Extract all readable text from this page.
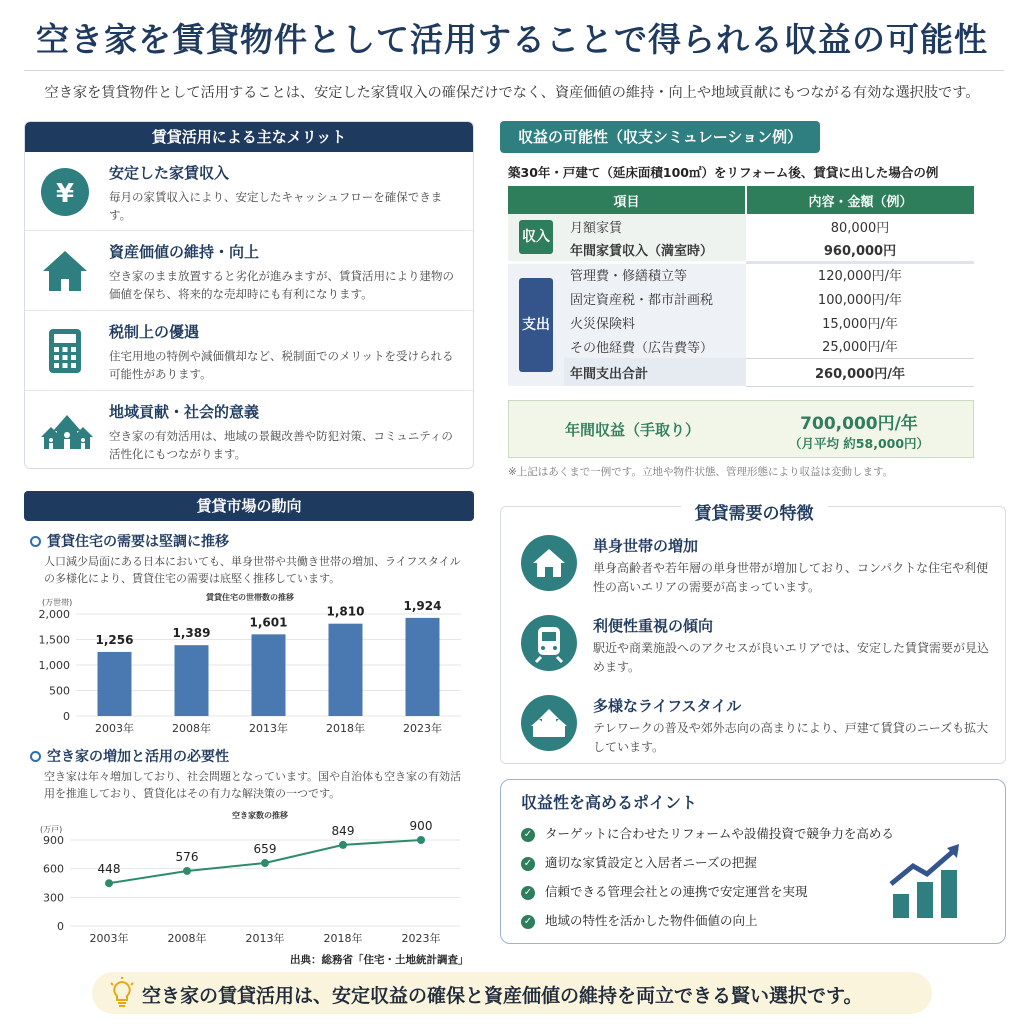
空き家を賃貸物件として活用することで得られる収益の可能性
空き家を賃貸物件として活用することは、安定した家賃収入の確保だけでなく、資産価値の維持・向上や地域貢献にもつながる有効な選択肢です。
賃貸活用による主なメリット
¥
安定した家賃収入
毎月の家賃収入により、安定したキャッシュフローを確保できます。
資産価値の維持・向上
空き家のまま放置すると劣化が進みますが、賃貸活用により建物の価値を保ち、将来的な売却時にも有利になります。
税制上の優遇
住宅用地の特例や減価償却など、税制面でのメリットを受けられる可能性があります。
地域貢献・社会的意義
空き家の有効活用は、地域の景観改善や防犯対策、コミュニティの活性化にもつながります。
収益の可能性（収支シミュレーション例）
築30年・戸建て（延床面積100㎡）をリフォーム後、賃貸に出した場合の例
項目		内容・金額（例）
収入	月額家賃	80,000円
	年間家賃収入（満室時）	960,000円
支出	管理費・修繕積立等	120,000円/年
	固定資産税・都市計画税	100,000円/年
	火災保険料	15,000円/年
	その他経費（広告費等）	25,000円/年
	年間支出合計	260,000円/年
年間収益（手取り）	700,000円/年
（月平均 約58,000円）
※上記はあくまで一例です。立地や物件状態、管理形態により収益は変動します。
賃貸市場の動向
賃貸住宅の需要は堅調に推移
人口減少局面にある日本においても、単身世帯や共働き世帯の増加、ライフスタイルの多様化により、賃貸住宅の需要は底堅く推移しています。
賃貸住宅の世帯数の推移
(万世帯)
0
500
1,000
1,500
2,000
1,256
2003年
1,389
2008年
1,601
2013年
1,810
2018年
1,924
2023年
空き家の増加と活用の必要性
空き家は年々増加しており、社会問題となっています。国や自治体も空き家の有効活用を推進しており、賃貸化はその有力な解決策の一つです。
空き家数の推移
(万戸)
0
300
600
900
448
2003年
576
2008年
659
2013年
849
2018年
900
2023年
出典：総務省「住宅・土地統計調査」
賃貸需要の特徴
単身世帯の増加
単身高齢者や若年層の単身世帯が増加しており、コンパクトな住宅や利便性の高いエリアの需要が高まっています。
利便性重視の傾向
駅近や商業施設へのアクセスが良いエリアでは、安定した賃貸需要が見込めます。
多様なライフスタイル
テレワークの普及や郊外志向の高まりにより、戸建て賃貸のニーズも拡大しています。
収益性を高めるポイント
✓ ターゲットに合わせたリフォームや設備投資で競争力を高める
✓ 適切な家賃設定と入居者ニーズの把握
✓ 信頼できる管理会社との連携で安定運営を実現
✓ 地域の特性を活かした物件価値の向上
空き家の賃貸活用は、安定収益の確保と資産価値の維持を両立できる賢い選択です。
